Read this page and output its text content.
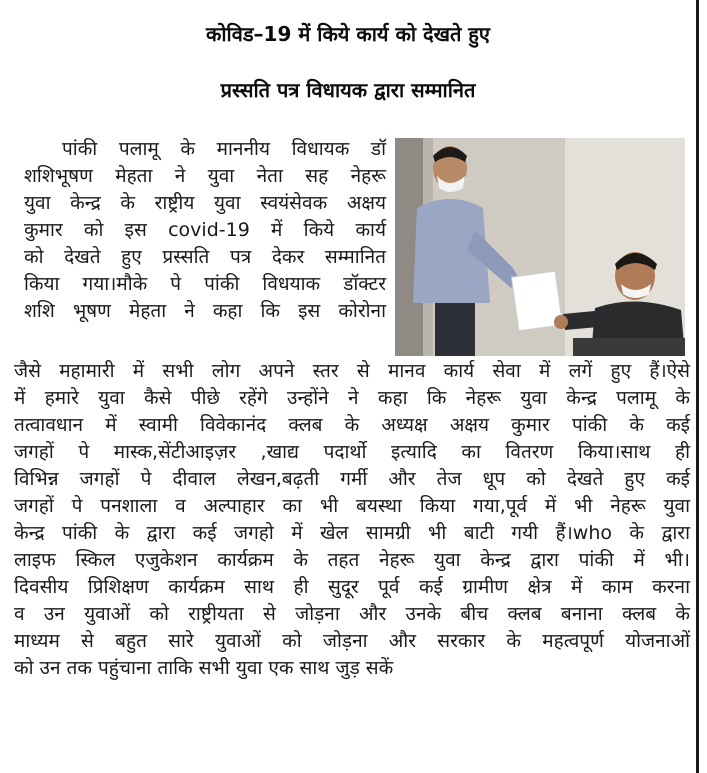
कोविड–19 में किये कार्य को देखते हुए
प्रस्सति पत्र विधायक द्वारा सम्मानित
पांकी पलामू के माननीय विधायक डॉ
शशिभूषण मेहता ने युवा नेता सह नेहरू
युवा केन्द्र के राष्ट्रीय युवा स्वयंसेवक अक्षय
कुमार को इस covid-19 में किये कार्य
को देखते हुए प्रस्सति पत्र देकर सम्मानित
किया गया।मौके पे पांकी विधयाक डॉक्टर
शशि भूषण मेहता ने कहा कि इस कोरोना
जैसे महामारी में सभी लोग अपने स्तर से मानव कार्य सेवा में लगें हुए हैं।ऐसे
में हमारे युवा कैसे पीछे रहेंगे उन्होंने ने कहा कि नेहरू युवा केन्द्र पलामू के
तत्वावधान में स्वामी विवेकानंद क्लब के अध्यक्ष अक्षय कुमार पांकी के कई
जगहों पे मास्क,सेंटीआइज़र ,खाद्य पदार्थो इत्यादि का वितरण किया।साथ ही
विभिन्न जगहों पे दीवाल लेखन,बढ़ती गर्मी और तेज धूप को देखते हुए कई
जगहों पे पनशाला व अल्पाहार का भी बयस्था किया गया,पूर्व में भी नेहरू युवा
केन्द्र पांकी के द्वारा कई जगहो में खेल सामग्री भी बाटी गयी हैं।who के द्वारा
लाइफ स्किल एजुकेशन कार्यक्रम के तहत नेहरू युवा केन्द्र द्वारा पांकी में भी।
दिवसीय प्रिशिक्षण कार्यक्रम साथ ही सुदूर पूर्व कई ग्रामीण क्षेत्र में काम करना
व उन युवाओं को राष्ट्रीयता से जोड़ना और उनके बीच क्लब बनाना क्लब के
माध्यम से बहुत सारे युवाओं को जोड़ना और सरकार के महत्वपूर्ण योजनाओं
को उन तक पहुंचाना ताकि सभी युवा एक साथ जुड़ सकें
